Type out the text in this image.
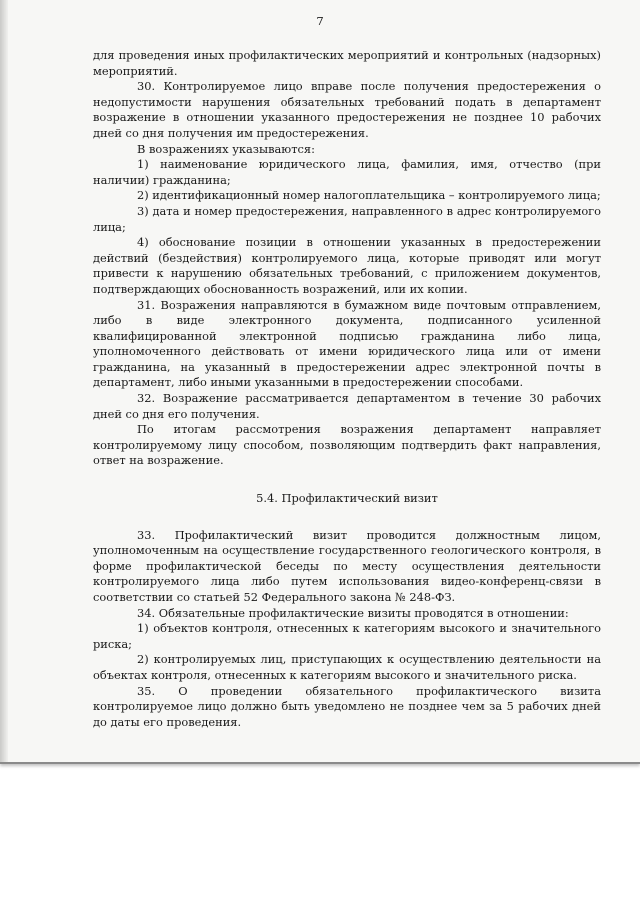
7

для проведения иных профилактических мероприятий и контрольных (надзорных) мероприятий.

30. Контролируемое лицо вправе после получения предостережения о недопустимости нарушения обязательных требований подать в департамент возражение в отношении указанного предостережения не позднее 10 рабочих дней со дня получения им предостережения.

В возражениях указываются:

1) наименование юридического лица, фамилия, имя, отчество (при наличии) гражданина;

2) идентификационный номер налогоплательщика – контролируемого лица;

3) дата и номер предостережения, направленного в адрес контролируемого лица;

4) обоснование позиции в отношении указанных в предостережении действий (бездействия) контролируемого лица, которые приводят или могут привести к нарушению обязательных требований, с приложением документов, подтверждающих обоснованность возражений, или их копии.

31. Возражения направляются в бумажном виде почтовым отправлением, либо в виде электронного документа, подписанного усиленной квалифицированной электронной подписью гражданина либо лица, уполномоченного действовать от имени юридического лица или от имени гражданина, на указанный в предостережении адрес электронной почты в департамент, либо иными указанными в предостережении способами.

32. Возражение рассматривается департаментом в течение 30 рабочих дней со дня его получения.

По итогам рассмотрения возражения департамент направляет контролируемому лицу способом, позволяющим подтвердить факт направления, ответ на возражение.

5.4. Профилактический визит

33. Профилактический визит проводится должностным лицом, уполномоченным на осуществление государственного геологического контроля, в форме профилактической беседы по месту осуществления деятельности контролируемого лица либо путем использования видео-конференц-связи в соответствии со статьей 52 Федерального закона № 248-ФЗ.

34. Обязательные профилактические визиты проводятся в отношении:

1) объектов контроля, отнесенных к категориям высокого и значительного риска;

2) контролируемых лиц, приступающих к осуществлению деятельности на объектах контроля, отнесенных к категориям высокого и значительного риска.

35. О проведении обязательного профилактического визита контролируемое лицо должно быть уведомлено не позднее чем за 5 рабочих дней до даты его проведения.
